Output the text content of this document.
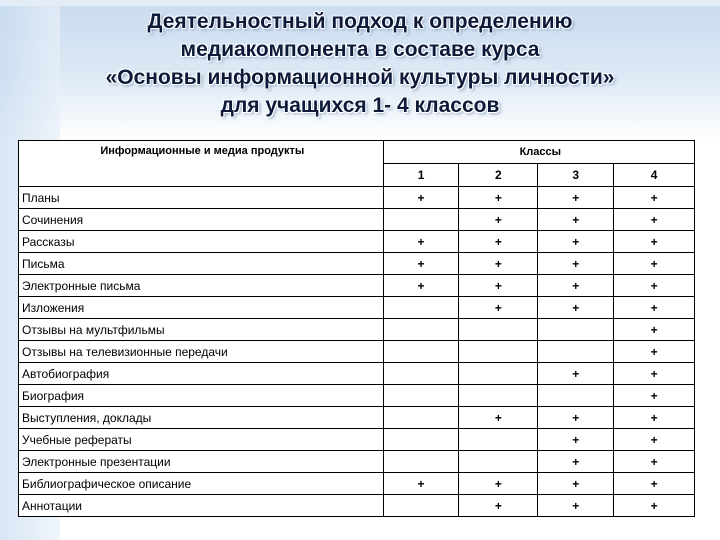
Деятельностный подход к определению
медиакомпонента в составе курса
«Основы информационной культуры личности»
для учащихся 1- 4 классов
Информационные и медиа продукты	Классы			
	1	2	3	4
Планы	+	+	+	+
Сочинения		+	+	+
Рассказы	+	+	+	+
Письма	+	+	+	+
Электронные письма	+	+	+	+
Изложения		+	+	+
Отзывы на мультфильмы				+
Отзывы на телевизионные передачи				+
Автобиография			+	+
Биография				+
Выступления, доклады		+	+	+
Учебные рефераты			+	+
Электронные презентации			+	+
Библиографическое описание	+	+	+	+
Аннотации		+	+	+
